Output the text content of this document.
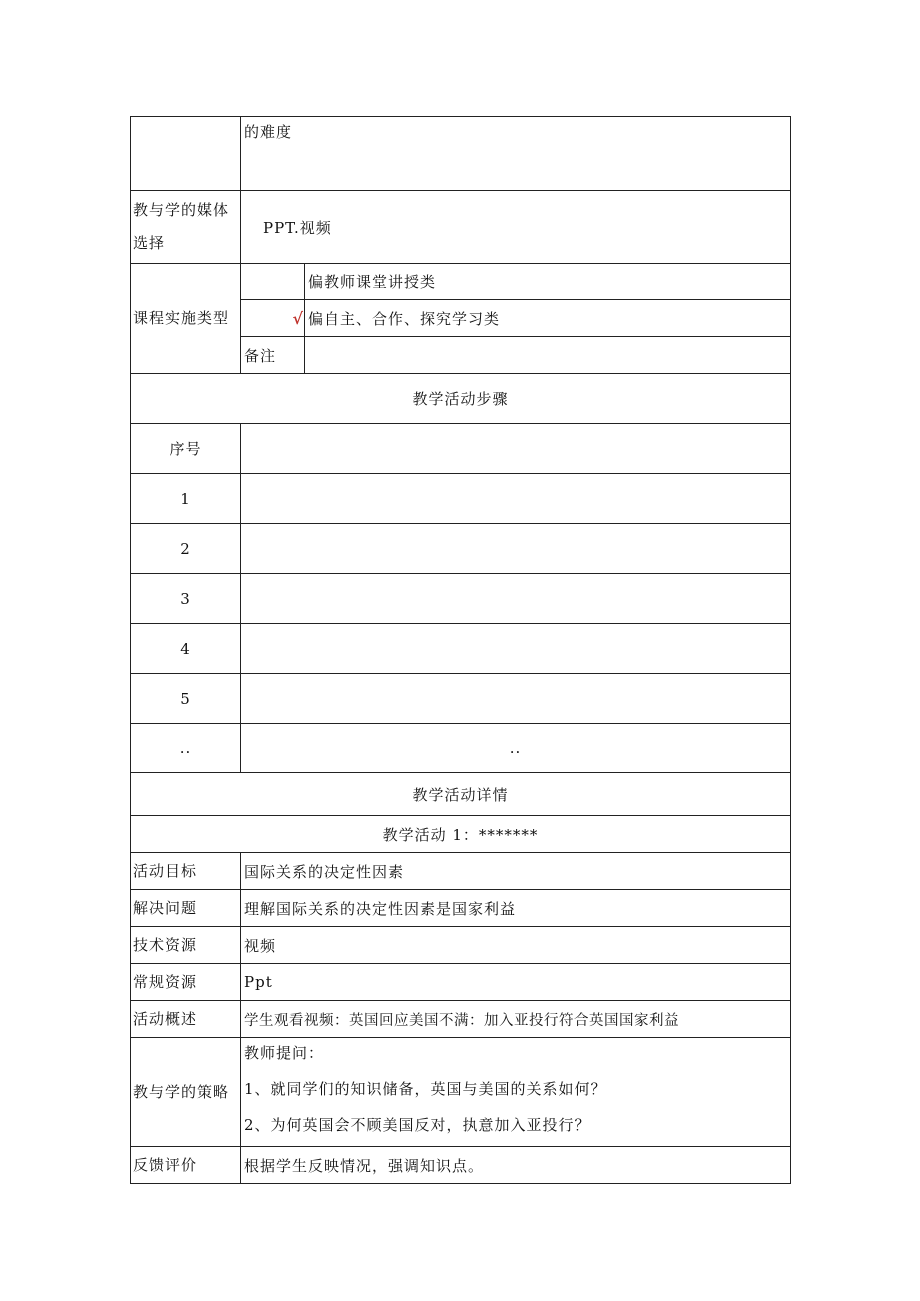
	的难度	
教与学的媒体选择	PPT.视频	
课程实施类型		偏教师课堂讲授类
	√	偏自主、合作、探究学习类
	备注	
教学活动步骤		
序号		
1		
2		
3		
4		
5		
..	..	
教学活动详情		
教学活动 1：*******		
活动目标	国际关系的决定性因素	
解决问题	理解国际关系的决定性因素是国家利益	
技术资源	视频	
常规资源	Ppt	
活动概述	学生观看视频：英国回应美国不满：加入亚投行符合英国国家利益	
教与学的策略	教师提问：
1、就同学们的知识储备，英国与美国的关系如何？
2、为何英国会不顾美国反对，执意加入亚投行？	

反馈评价	根据学生反映情况，强调知识点。	
